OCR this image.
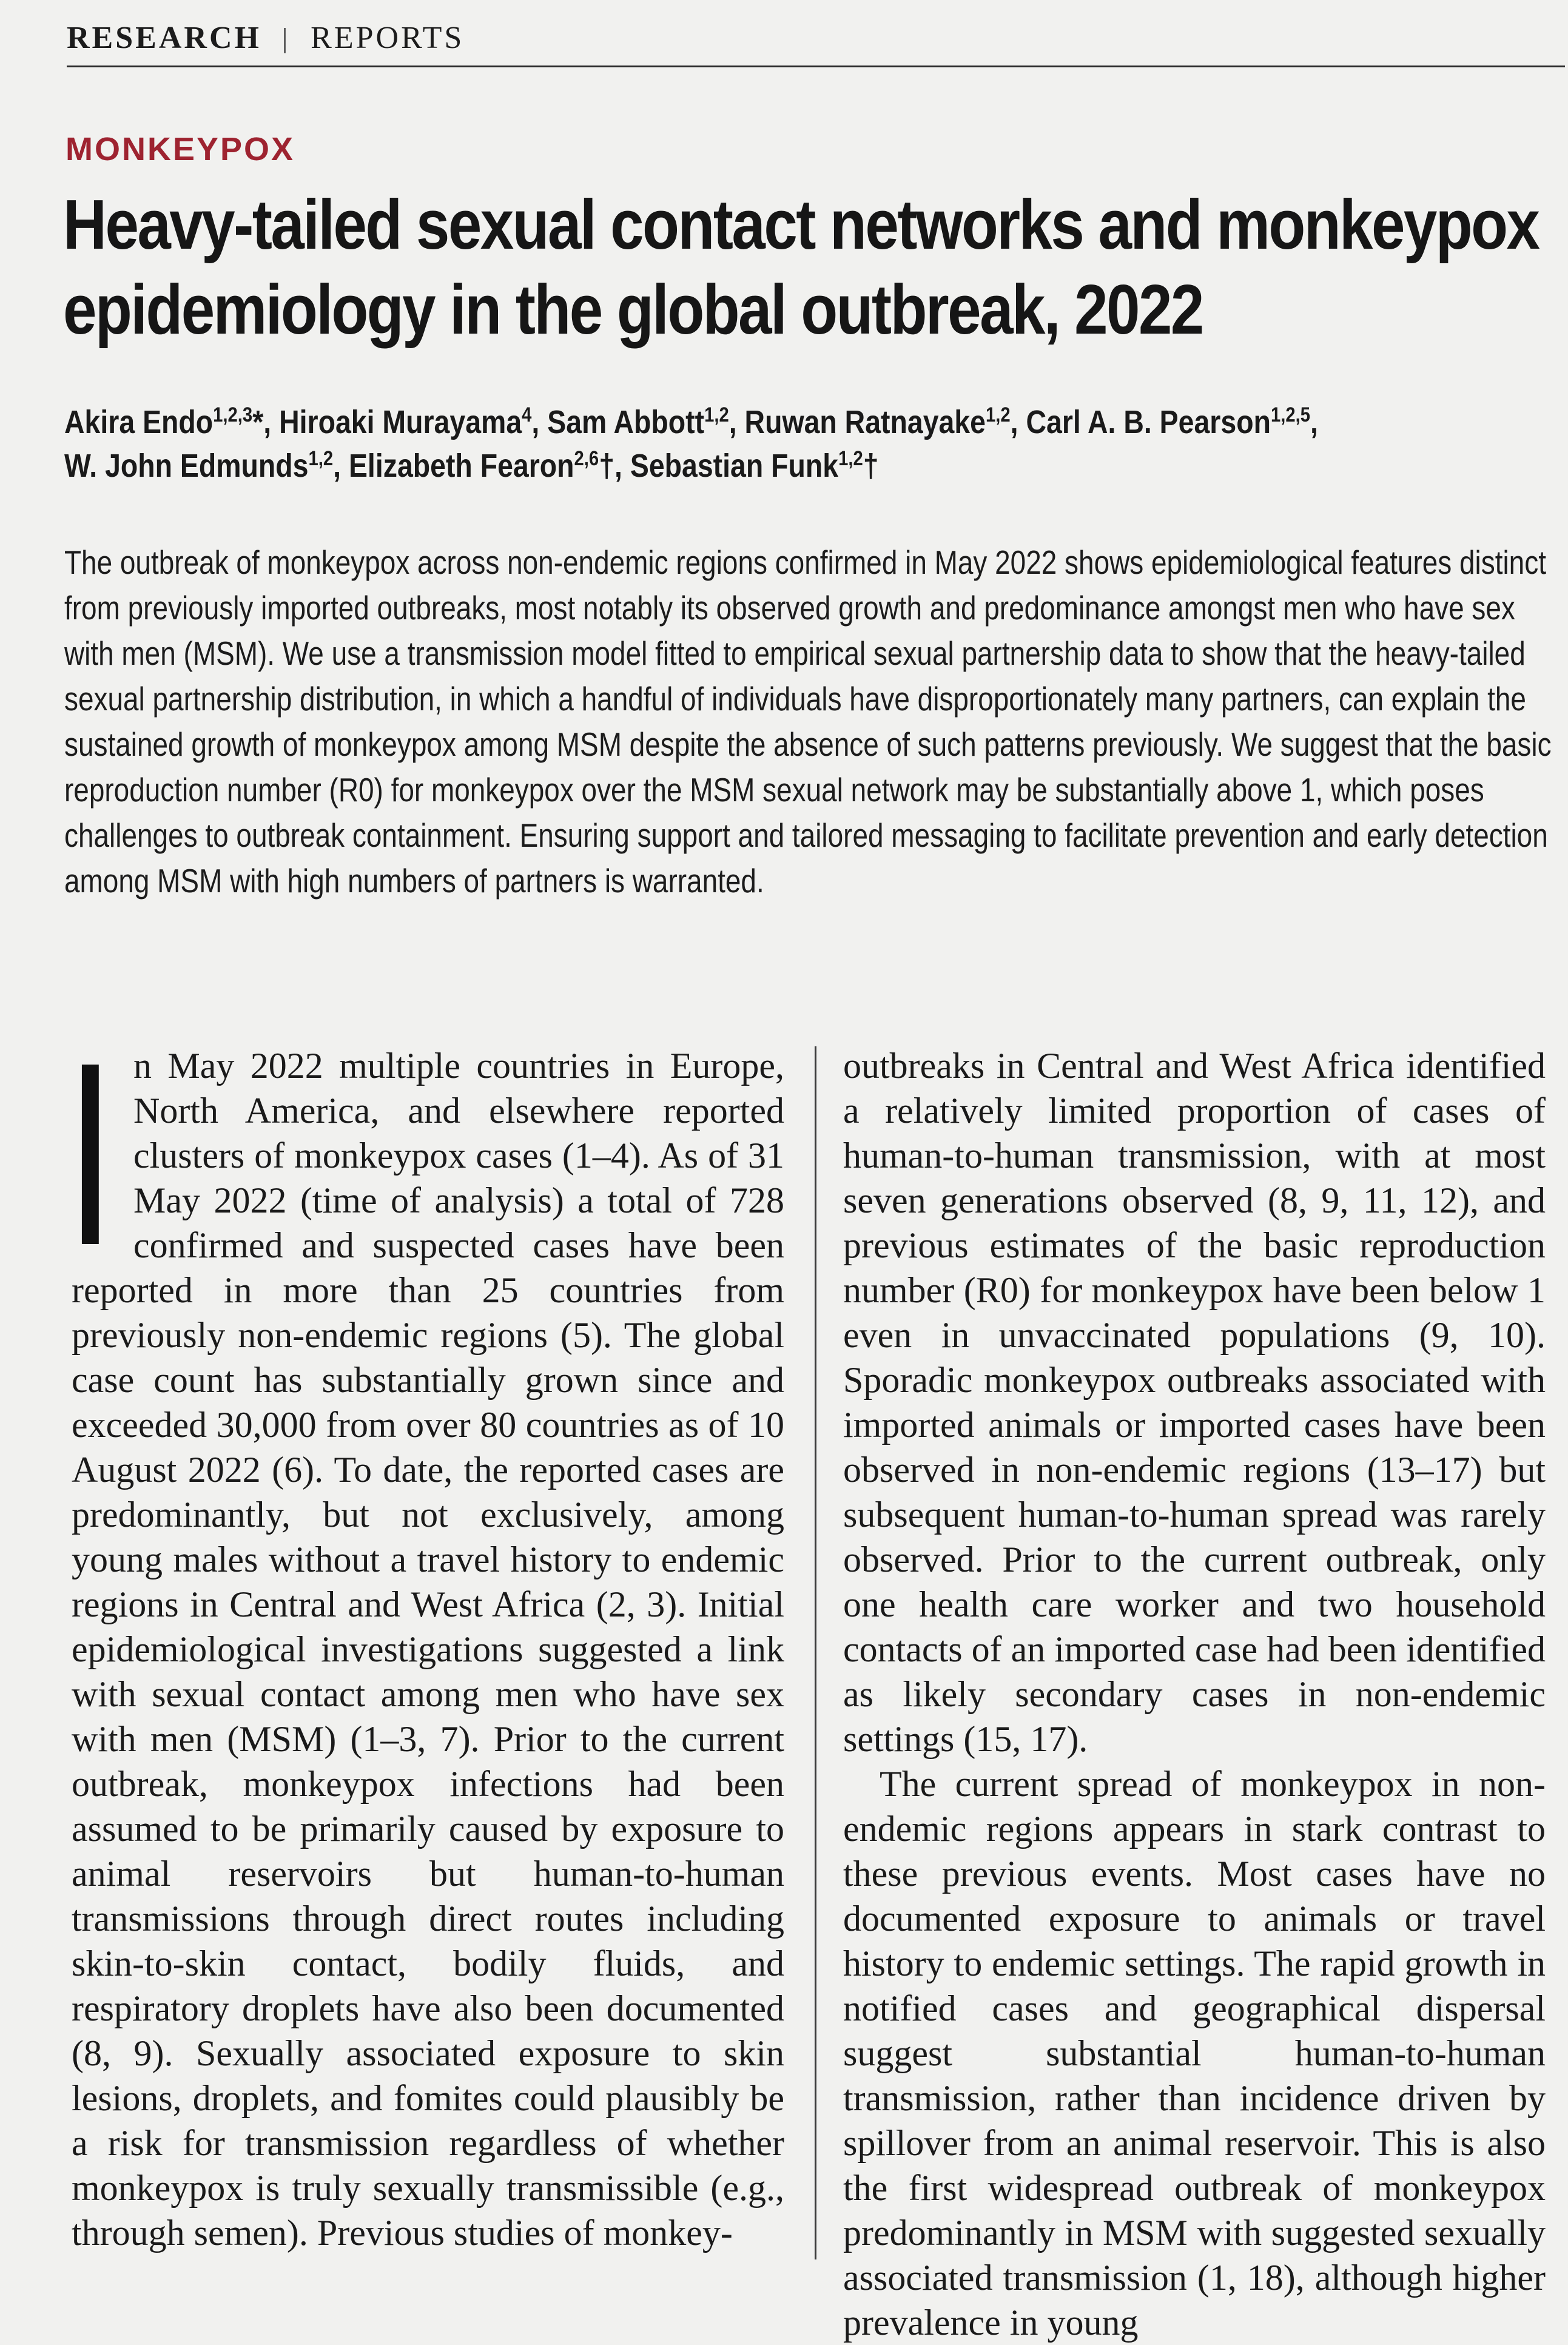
RESEARCH | REPORTS
MONKEYPOX
Heavy-tailed sexual contact networks and monkeypox epidemiology in the global outbreak, 2022
Akira Endo$^{1,2,3}$*, Hiroaki Murayama$^4$, Sam Abbott$^{1,2}$, Ruwan Ratnayake$^{1,2}$, Carl A. B. Pearson$^{1,2,5}$,
W. John Edmunds$^{1,2}$, Elizabeth Fearon$^{2,6}$†, Sebastian Funk$^{1,2}$†
The outbreak of monkeypox across non-endemic regions confirmed in May 2022 shows epidemiological features distinct from previously imported outbreaks, most notably its observed growth and predominance amongst men who have sex with men (MSM). We use a transmission model fitted to empirical sexual partnership data to show that the heavy-tailed sexual partnership distribution, in which a handful of individuals have disproportionately many partners, can explain the sustained growth of monkeypox among MSM despite the absence of such patterns previously. We suggest that the basic reproduction number (R0) for monkeypox over the MSM sexual network may be substantially above 1, which poses challenges to outbreak containment. Ensuring support and tailored messaging to facilitate prevention and early detection among MSM with high numbers of partners is warranted.

In May 2022 multiple countries in Europe, North America, and elsewhere reported clusters of monkeypox cases (1–4). As of 31 May 2022 (time of analysis) a total of 728 confirmed and suspected cases have been reported in more than 25 countries from previously non-endemic regions (5). The global case count has substantially grown since and exceeded 30,000 from over 80 countries as of 10 August 2022 (6). To date, the reported cases are predominantly, but not exclusively, among young males without a travel history to endemic regions in Central and West Africa (2, 3). Initial epidemiological investigations suggested a link with sexual contact among men who have sex with men (MSM) (1–3, 7). Prior to the current outbreak, monkeypox infections had been assumed to be primarily caused by exposure to animal reservoirs but human-to-human transmissions through direct routes including skin-to-skin contact, bodily fluids, and respiratory droplets have also been documented (8, 9). Sexually associated exposure to skin lesions, droplets, and fomites could plausibly be a risk for transmission regardless of whether monkeypox is truly sexually transmissible (e.g., through semen). Previous studies of monkey-

outbreaks in Central and West Africa identified a relatively limited proportion of cases of human-to-human transmission, with at most seven generations observed (8, 9, 11, 12), and previous estimates of the basic reproduction number (R0) for monkeypox have been below 1 even in unvaccinated populations (9, 10). Sporadic monkeypox outbreaks associated with imported animals or imported cases have been observed in non-endemic regions (13–17) but subsequent human-to-human spread was rarely observed. Prior to the current outbreak, only one health care worker and two household contacts of an imported case had been identified as likely secondary cases in non-endemic settings (15, 17).

The current spread of monkeypox in non-endemic regions appears in stark contrast to these previous events. Most cases have no documented exposure to animals or travel history to endemic settings. The rapid growth in notified cases and geographical dispersal suggest substantial human-to-human transmission, rather than incidence driven by spillover from an animal reservoir. This is also the first widespread outbreak of monkeypox predominantly in MSM with suggested sexually associated transmission (1, 18), although higher prevalence in young
